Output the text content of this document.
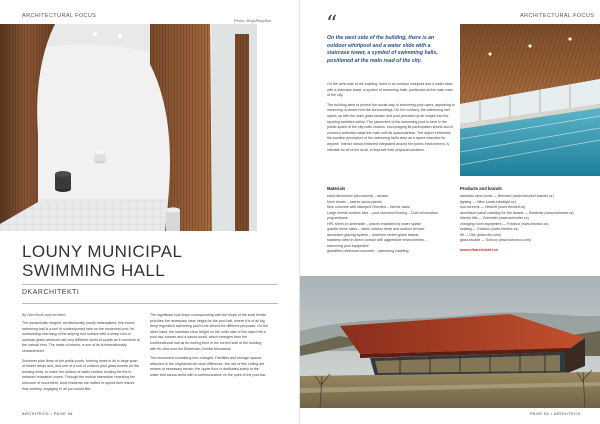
ARCHITECTURAL FOCUS
Photo: BoysPlayNice
LOUNY MUNICIPAL
SWIMMING HALL
DKARCHITEKTI
By Dita Houfk and architect

The dynamically shaped, architecturally purely materialised, this indoor swimming hall is a sort of contemporary take on the modernist pool, its outstanding overhang of the sloping roof surface with a sharp roof of oversize glass windows has very different world-of-sports as it connects to the natural river. The mass of interior, a one of its is internationally characterized.

Swimmer plan flows of the public pools, forming lanes in its in large span of timber areas and, and one of a sort of outdoor pool glass inserts on the building ends, to make the section of water surface lending the the in-between relaxation zones. Through the mutual interaction revealing the structure of movement, local residents are invited to spend their leisure time actively, engaging in all you would like.

The significant roof slope corresponding with the slope of the local terrain provides the necessary clear height for the pool hall, where it is of all big deep regulation swimming pool to be served for different purposes. On the other hand, the standard clear height on the north side of the object fits a pool bar, shower and a sauna world, which emerges from the multifunctional hall as its roofing bent in the curved side of the building with its view over the Bohemian Central Mountains.

The movement containing four changes, Facilities and storage spaces attached to the original terrain level difference, the use of this ceiling are means of necessary terrain, the upper floor is dedicated solely to the water and sauna world with a communication on the point of the pool bar.

ARCHITECH • PAGE 94
ARCHITECTURAL FOCUS
“
On the west side of the building, there is an outdoor whirlpool and a water slide with a staircase tower, a symbol of swimming halls, positioned at the main road of the city.

On the west side of the building, there is an outdoor whirlpool and a water slide with a staircase tower, a symbol of swimming halls, positioned at the main road of the city.

The building aims to protect the social way of swimming pool users, appealing to observing of views from the surroundings. On the contrary, the swimming hall opens up with the main glass facade and pool provides by an insight into the sporting activities within. The placement of the swimming pool is here in the public space of the city main relation, encouraging its participation sports and in common activities made the main with its spaciousness. The object enhances the positive perception of the swimming hall's area as a space intended for anyone. Interior shows timbered integrated around the public environment, is intimate for all of the local, to improve their physical condition.

Materials
black aluminium (Alucobond) – facade
birch timber – interior wood panels
fibre concrete with stamped Oriented – interior walls
Large format ceramic tiles – pool surround flooring – Duct chlorination
polyurethane
HPL sheet on anthracite – places impacted by water splash
granite stone slabs – stairs outdoor ramp and outdoor terrace
aluminium glazing system – southern rented glass facade
stainless steel in direct contact with aggressive environments –
swimming pool equipment
glassfibre reinforced concrete – swimming cladding
Products and brands
stainless steel pools — Berndorf (www.berndorf-baeder.cz)
lighting — Nilon (www.nilonlight.cz)
sun screens — Hewlett (www.Hewlett.cz)
aluminium panel cladding for the facade — Bohemia (www.bohemia.cz)
interior lifts — Schindler (www.schindler.cz)
changing room equipment — Fotobox (www.fotobox.cz)
seating — Fotobox (www.fotobox.cz)
lift — Otis (www.otis.com)
glass facade — Schuco (www.schueco.com)
www.dkarchitekti.cz
PAGE 95 • ARCHITECH
